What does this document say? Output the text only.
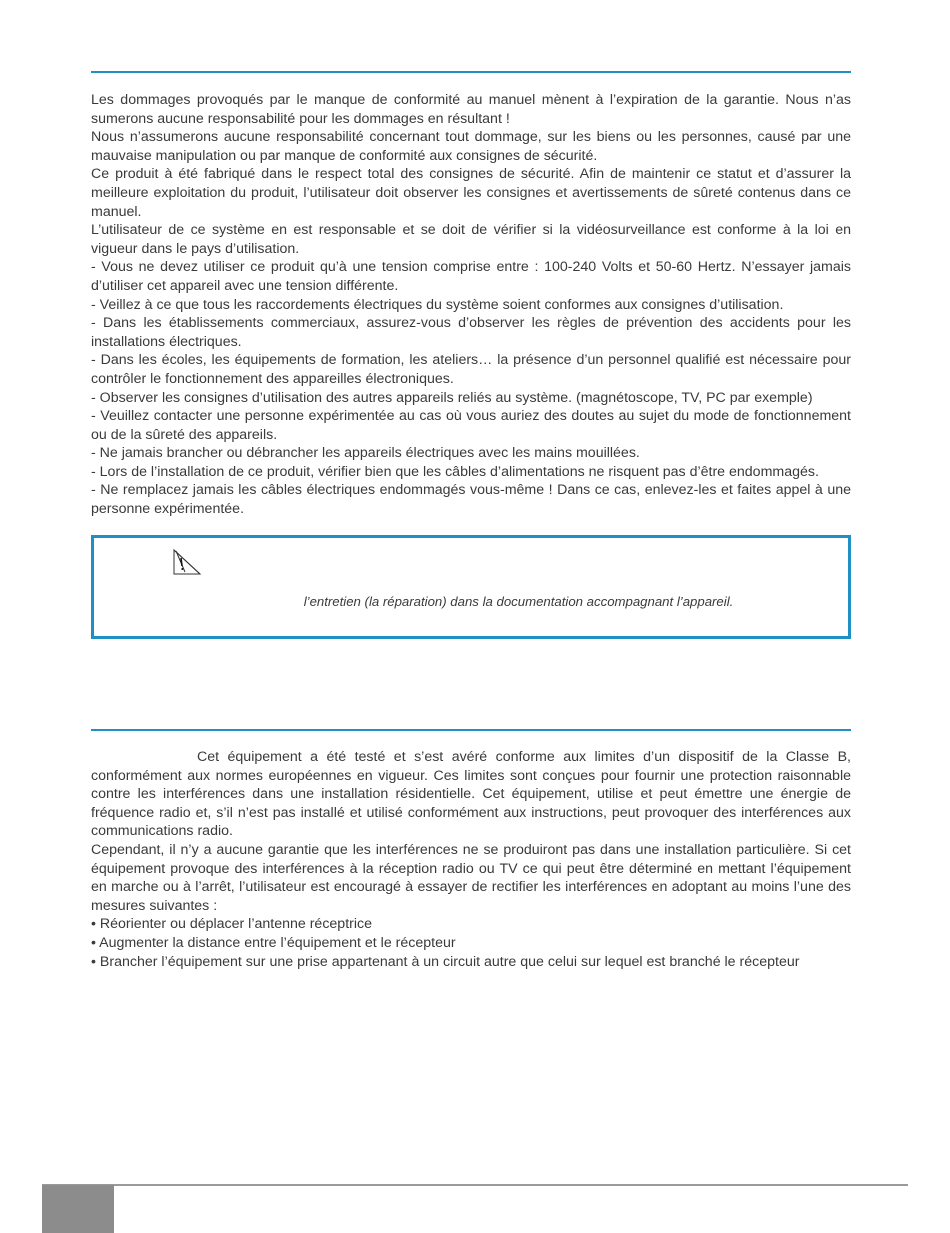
Les dommages provoqués par le manque de conformité au manuel mènent à l’expiration de la garantie. Nous n’as sumerons aucune responsabilité pour les dommages en résultant !

Nous n’assumerons aucune responsabilité concernant tout dommage, sur les biens ou les personnes, causé par une mauvaise manipulation ou par manque de conformité aux consignes de sécurité.

Ce produit à été fabriqué dans le respect total des consignes de sécurité. Afin de maintenir ce statut et d’assurer la meilleure exploitation du produit, l’utilisateur doit observer les consignes et avertissements de sûreté contenus dans ce manuel.

L’utilisateur de ce système en est responsable et se doit de vérifier si la vidéosurveillance est conforme à la loi en vigueur dans le pays d’utilisation.

- Vous ne devez utiliser ce produit qu’à une tension comprise entre : 100-240 Volts et 50-60 Hertz. N’essayer jamais d’utiliser cet appareil avec une tension différente.

- Veillez à ce que tous les raccordements électriques du système soient conformes aux consignes d’utilisation.

- Dans les établissements commerciaux, assurez-vous d’observer les règles de prévention des accidents pour les installations électriques.

- Dans les écoles, les équipements de formation, les ateliers… la présence d’un personnel qualifié est nécessaire pour contrôler le fonctionnement des appareilles électroniques.

- Observer les consignes d’utilisation des autres appareils reliés au système. (magnétoscope, TV, PC par exemple)

- Veuillez contacter une personne expérimentée au cas où vous auriez des doutes au sujet du mode de fonctionnement ou de la sûreté des appareils.

- Ne jamais brancher ou débrancher les appareils électriques avec les mains mouillées.

- Lors de l’installation de ce produit, vérifier bien que les câbles d’alimentations ne risquent pas d’être endommagés.

- Ne remplacez jamais les câbles électriques endommagés vous-même ! Dans ce cas, enlevez-les et faites appel à une personne expérimentée.

l’entretien (la réparation) dans la documentation accompagnant l’appareil.

Cet équipement a été testé et s’est avéré conforme aux limites d’un dispositif de la Classe B, conformément aux normes européennes en vigueur. Ces limites sont conçues pour fournir une protection raisonnable contre les interférences dans une installation résidentielle. Cet équipement, utilise et peut émettre une énergie de fréquence radio et, s’il n’est pas installé et utilisé conformément aux instructions, peut provoquer des interférences aux communications radio.

Cependant, il n’y a aucune garantie que les interférences ne se produiront pas dans une installation particulière. Si cet équipement provoque des interférences à la réception radio ou TV ce qui peut être déterminé en mettant l’équipement en marche ou à l’arrêt, l’utilisateur est encouragé à essayer de rectifier les interférences en adoptant au moins l’une des mesures suivantes :

• Réorienter ou déplacer l’antenne réceptrice

• Augmenter la distance entre l’équipement et le récepteur

• Brancher l’équipement sur une prise appartenant à un circuit autre que celui sur lequel est branché le récepteur
